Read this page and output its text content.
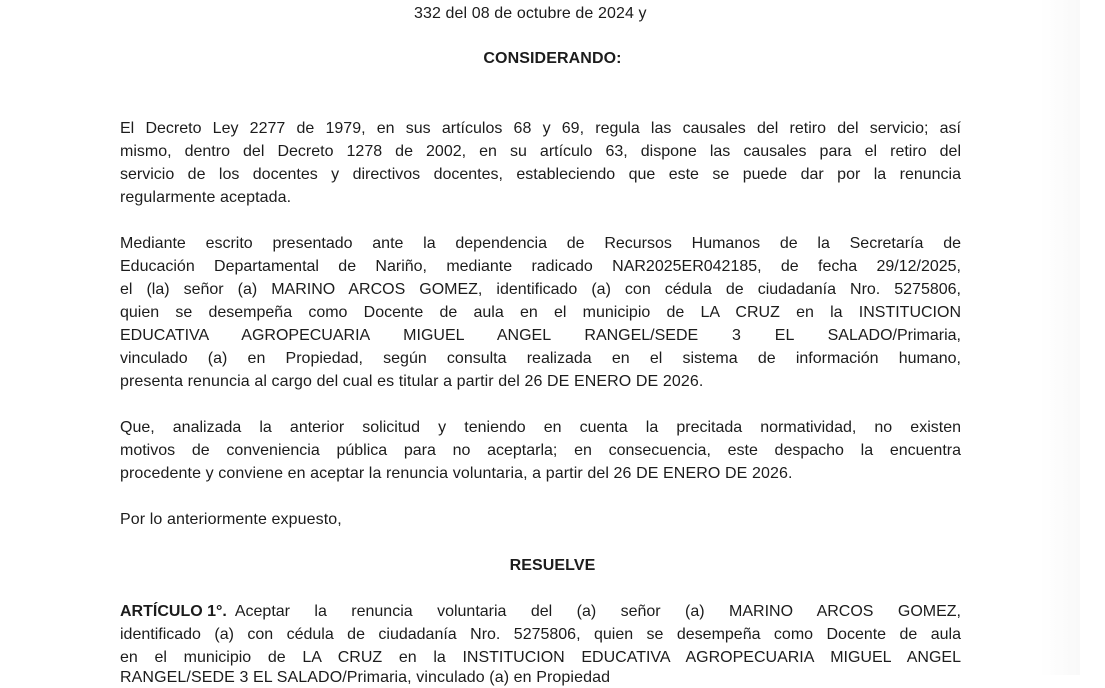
332 del 08 de octubre de 2024 y
CONSIDERANDO:
El Decreto Ley 2277 de 1979, en sus artículos 68 y 69, regula las causales del retiro del servicio; así
mismo, dentro del Decreto 1278 de 2002, en su artículo 63, dispone las causales para el retiro del
servicio de los docentes y directivos docentes, estableciendo que este se puede dar por la renuncia
regularmente aceptada.
Mediante escrito presentado ante la dependencia de Recursos Humanos de la Secretaría de
Educación Departamental de Nariño, mediante radicado NAR2025ER042185, de fecha 29/12/2025,
el (la) señor (a) MARINO ARCOS GOMEZ, identificado (a) con cédula de ciudadanía Nro. 5275806,
quien se desempeña como Docente de aula en el municipio de LA CRUZ en la INSTITUCION
EDUCATIVA AGROPECUARIA MIGUEL ANGEL RANGEL/SEDE 3 EL SALADO/Primaria,
vinculado (a) en Propiedad, según consulta realizada en el sistema de información humano,
presenta renuncia al cargo del cual es titular a partir del 26 DE ENERO DE 2026.
Que, analizada la anterior solicitud y teniendo en cuenta la precitada normatividad, no existen
motivos de conveniencia pública para no aceptarla; en consecuencia, este despacho la encuentra
procedente y conviene en aceptar la renuncia voluntaria, a partir del 26 DE ENERO DE 2026.
Por lo anteriormente expuesto,
RESUELVE
ARTÍCULO 1°. Aceptar la renuncia voluntaria del (a) señor (a) MARINO ARCOS GOMEZ,
identificado (a) con cédula de ciudadanía Nro. 5275806, quien se desempeña como Docente de aula
en el municipio de LA CRUZ en la INSTITUCION EDUCATIVA AGROPECUARIA MIGUEL ANGEL
RANGEL/SEDE 3 EL SALADO/Primaria, vinculado (a) en Propiedad
